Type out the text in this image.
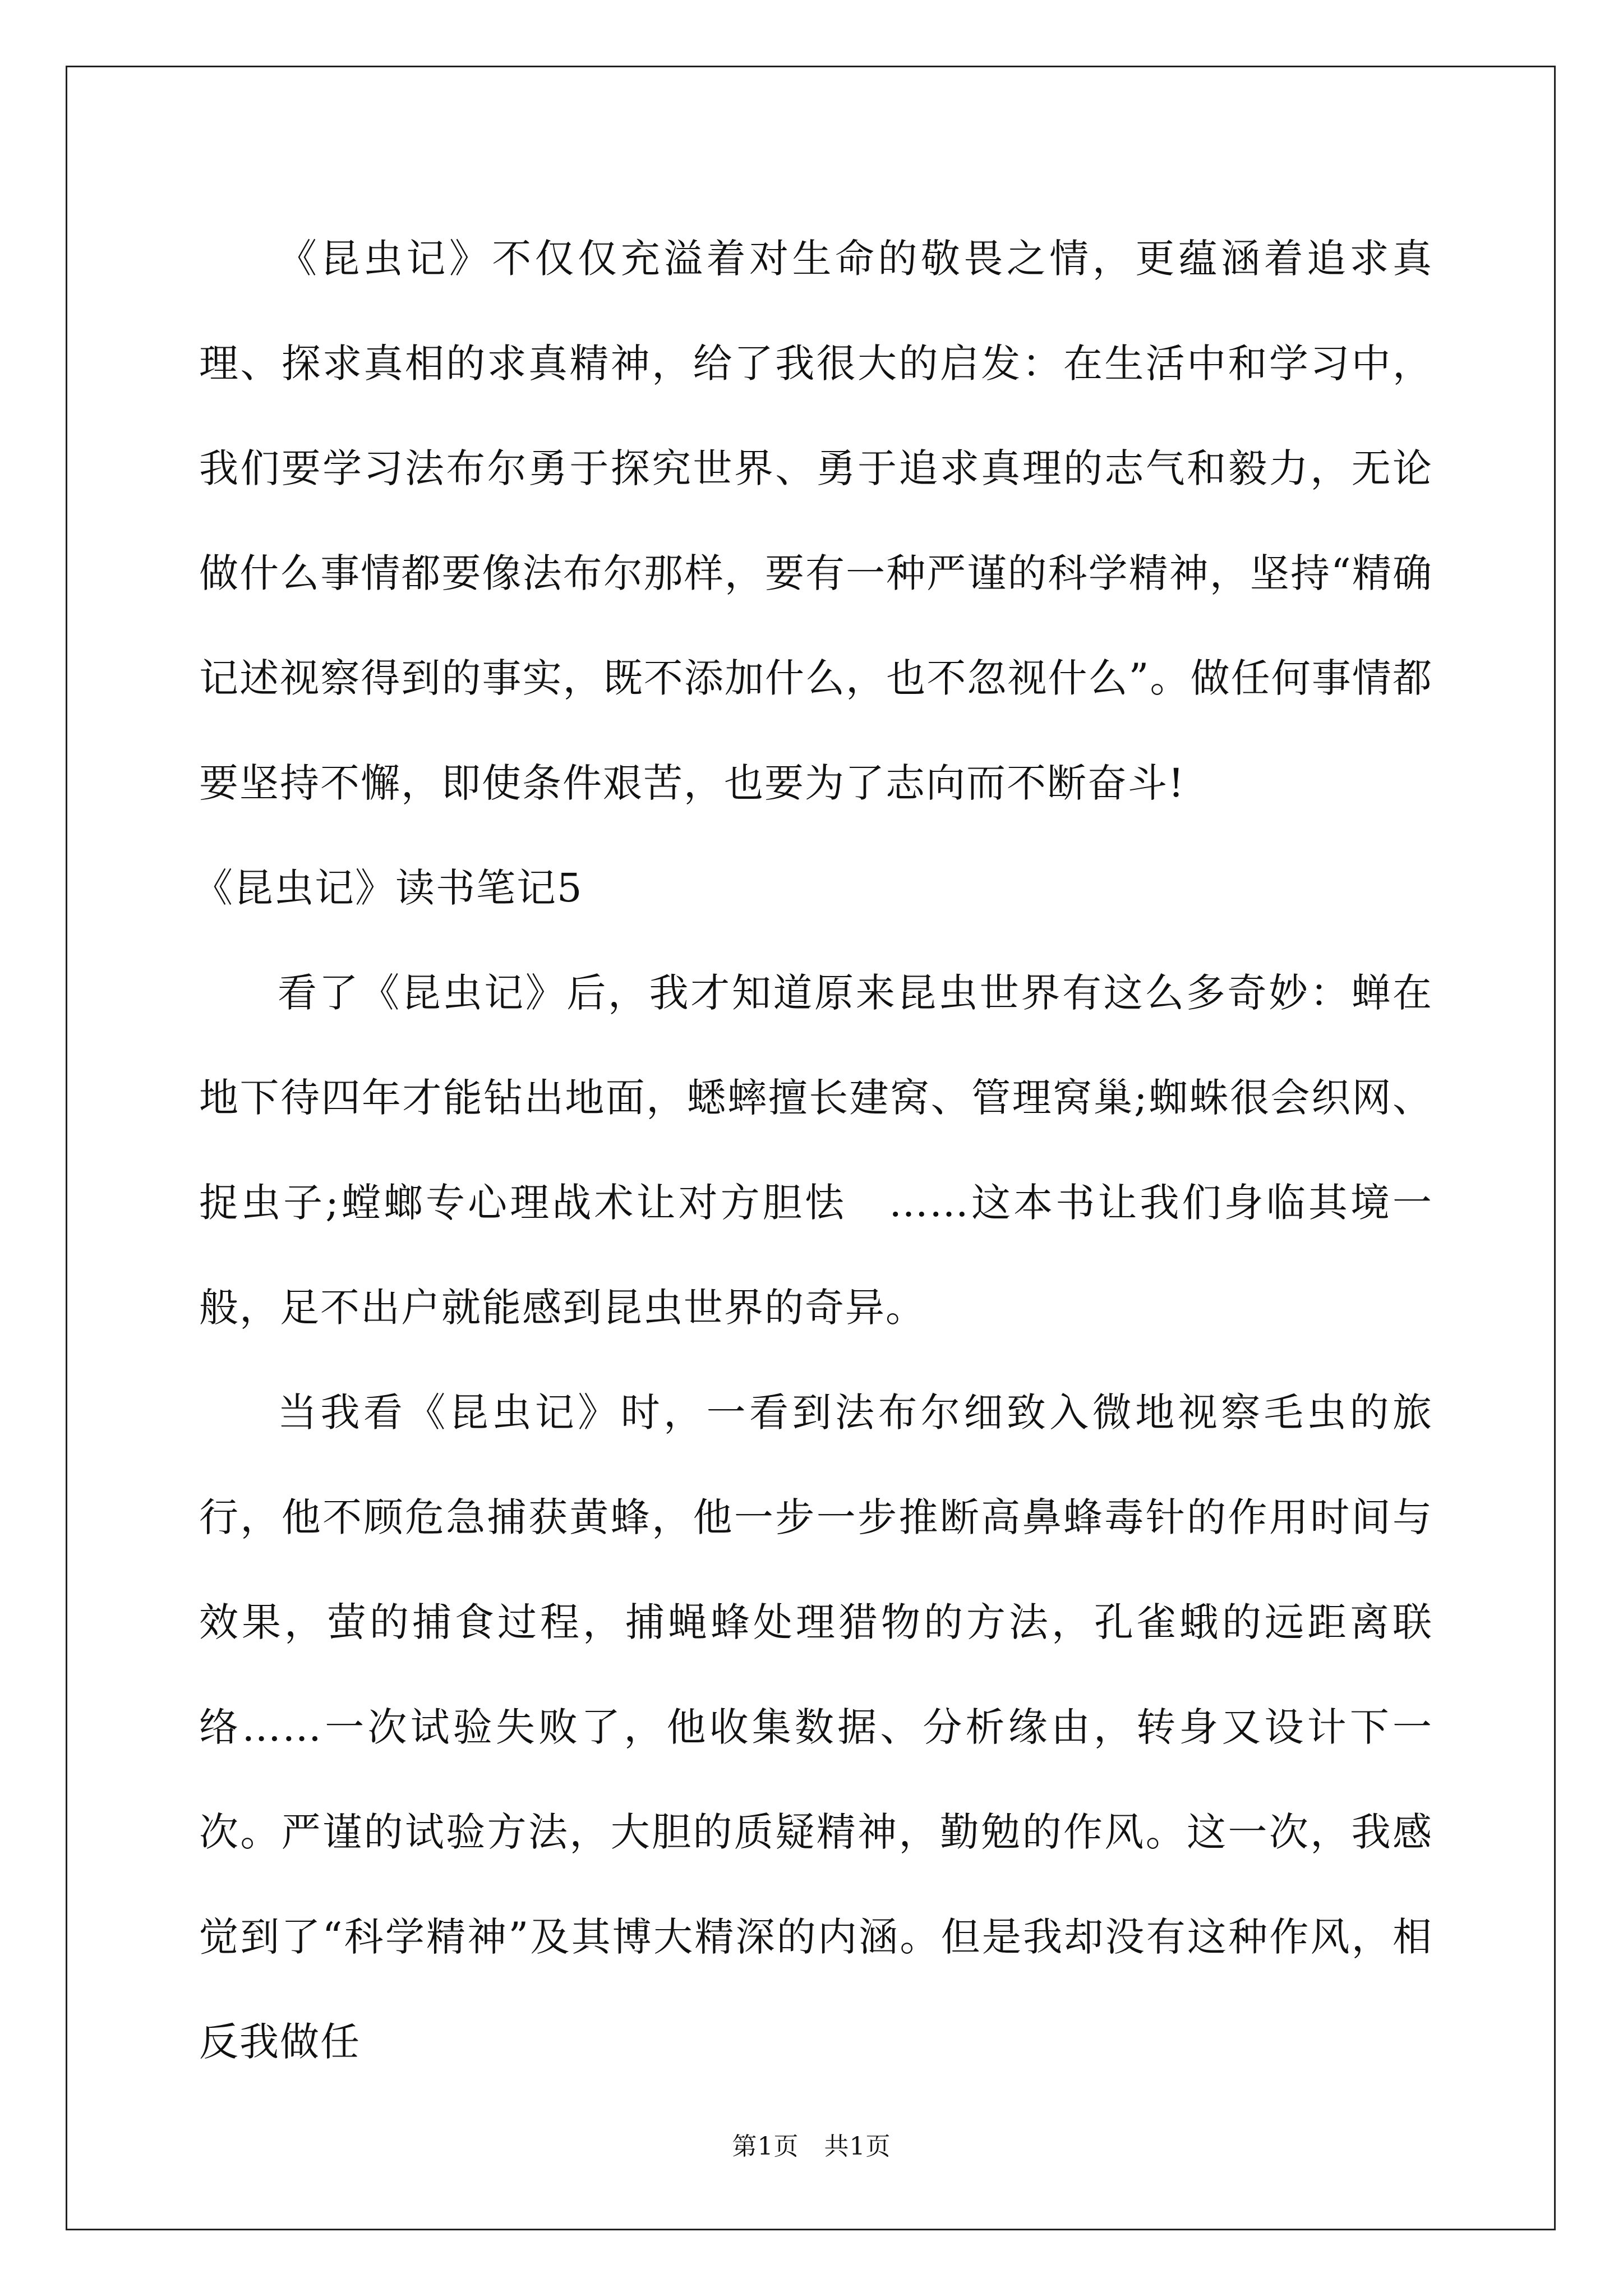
《昆虫记》不仅仅充溢着对生命的敬畏之情，更蕴涵着追求真理、探求真相的求真精神，给了我很大的启发：在生活中和学习中，我们要学习法布尔勇于探究世界、勇于追求真理的志气和毅力，无论做什么事情都要像法布尔那样，要有一种严谨的科学精神，坚持“精确记述视察得到的事实，既不添加什么，也不忽视什么”。做任何事情都要坚持不懈，即使条件艰苦，也要为了志向而不断奋斗!

《昆虫记》读书笔记5

看了《昆虫记》后，我才知道原来昆虫世界有这么多奇妙：蝉在地下待四年才能钻出地面，蟋蟀擅长建窝、管理窝巢;蜘蛛很会织网、捉虫子;螳螂专心理战术让对方胆怯　……这本书让我们身临其境一般，足不出户就能感到昆虫世界的奇异。

当我看《昆虫记》时，一看到法布尔细致入微地视察毛虫的旅行，他不顾危急捕获黄蜂，他一步一步推断高鼻蜂毒针的作用时间与效果，萤的捕食过程，捕蝇蜂处理猎物的方法，孔雀蛾的远距离联络……一次试验失败了，他收集数据、分析缘由，转身又设计下一次。严谨的试验方法，大胆的质疑精神，勤勉的作风。这一次，我感觉到了“科学精神”及其博大精深的内涵。但是我却没有这种作风，相反我做任

第1页　共1页
